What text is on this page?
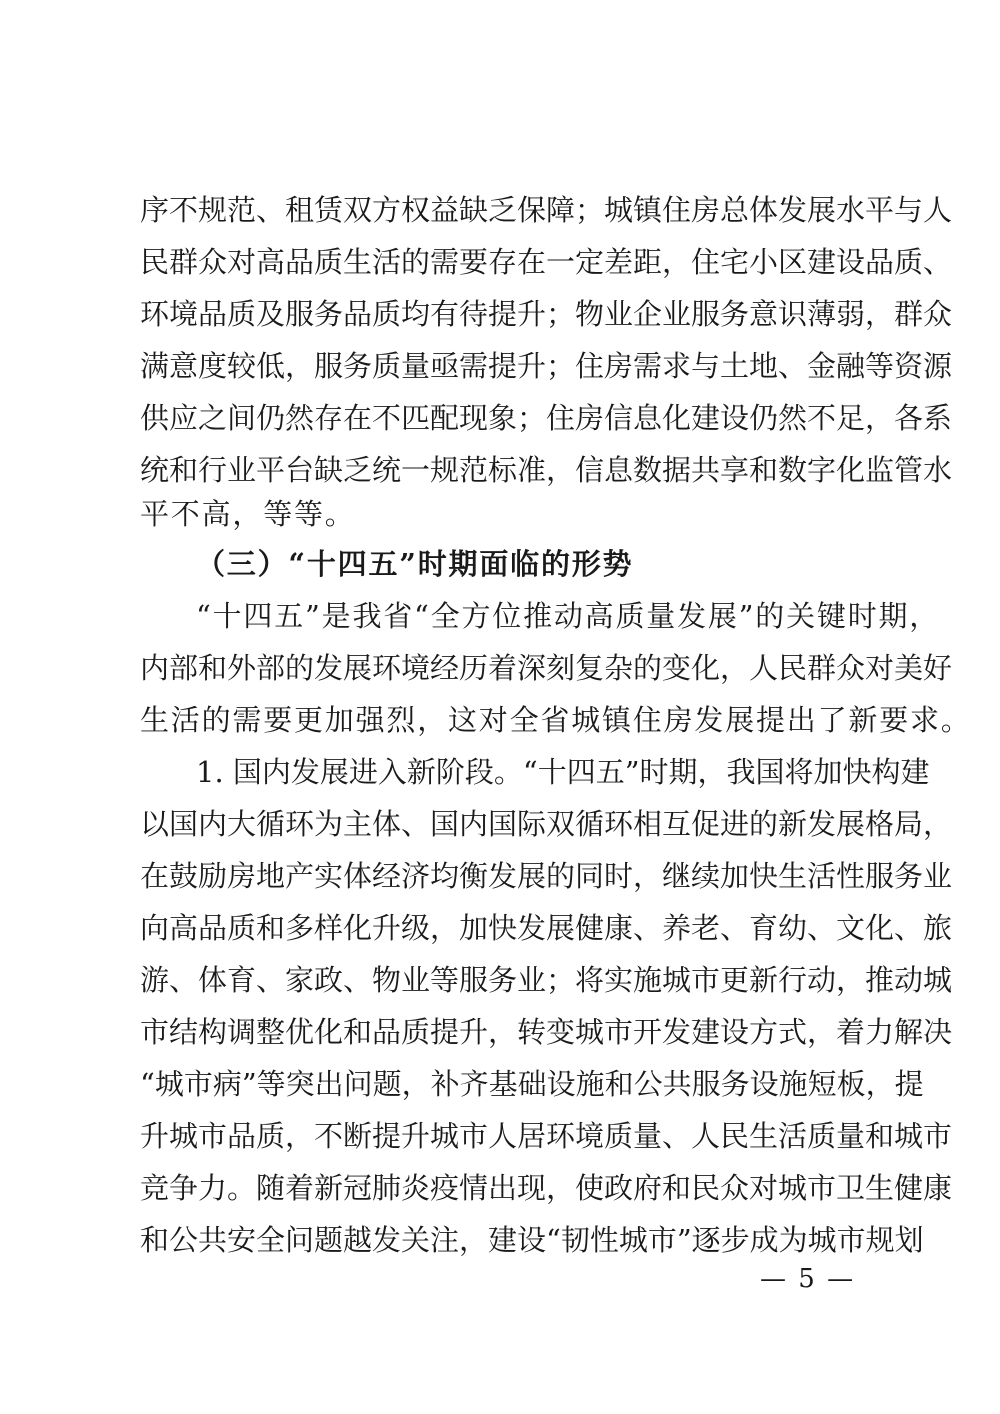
序不规范、租赁双方权益缺乏保障；城镇住房总体发展水平与人
民群众对高品质生活的需要存在一定差距，住宅小区建设品质、
环境品质及服务品质均有待提升；物业企业服务意识薄弱，群众
满意度较低，服务质量亟需提升；住房需求与土地、金融等资源
供应之间仍然存在不匹配现象；住房信息化建设仍然不足，各系
统和行业平台缺乏统一规范标准，信息数据共享和数字化监管水
平不高，等等。
（三）“十四五”时期面临的形势
“十四五”是我省“全方位推动高质量发展”的关键时期，
内部和外部的发展环境经历着深刻复杂的变化，人民群众对美好
生活的需要更加强烈，这对全省城镇住房发展提出了新要求。
1. 国内发展进入新阶段。“十四五”时期，我国将加快构建
以国内大循环为主体、国内国际双循环相互促进的新发展格局，
在鼓励房地产实体经济均衡发展的同时，继续加快生活性服务业
向高品质和多样化升级，加快发展健康、养老、育幼、文化、旅
游、体育、家政、物业等服务业；将实施城市更新行动，推动城
市结构调整优化和品质提升，转变城市开发建设方式，着力解决
“城市病”等突出问题，补齐基础设施和公共服务设施短板，提
升城市品质，不断提升城市人居环境质量、人民生活质量和城市
竞争力。随着新冠肺炎疫情出现，使政府和民众对城市卫生健康
和公共安全问题越发关注，建设“韧性城市”逐步成为城市规划
— 5 —
